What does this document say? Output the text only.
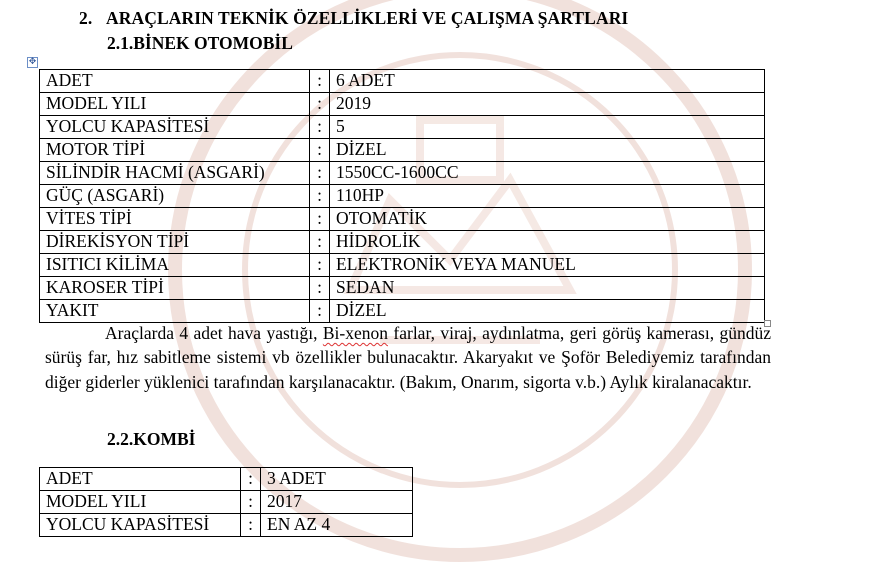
2. ARAÇLARIN TEKNİK ÖZELLİKLERİ VE ÇALIŞMA ŞARTLARI
2.1.BİNEK OTOMOBİL
✥
ADET	:	6 ADET
MODEL YILI	:	2019
YOLCU KAPASİTESİ	:	5
MOTOR TİPİ	:	DİZEL
SİLİNDİR HACMİ (ASGARİ)	:	1550CC-1600CC
GÜÇ (ASGARİ)	:	110HP
VİTES TİPİ	:	OTOMATİK
DİREKİSYON TİPİ	:	HİDROLİK
ISITICI KİLİMA	:	ELEKTRONİK VEYA MANUEL
KAROSER TİPİ	:	SEDAN
YAKIT	:	DİZEL
Araçlarda 4 adet hava yastığı, Bi-xenon farlar, viraj, aydınlatma, geri görüş kamerası, gündüz sürüş far, hız sabitleme sistemi vb özellikler bulunacaktır. Akaryakıt ve Şoför Belediyemiz tarafından diğer giderler yüklenici tarafından karşılanacaktır. (Bakım, Onarım, sigorta v.b.) Aylık kiralanacaktır.
2.2.KOMBİ
ADET	:	3 ADET
MODEL YILI	:	2017
YOLCU KAPASİTESİ	:	EN AZ 4
